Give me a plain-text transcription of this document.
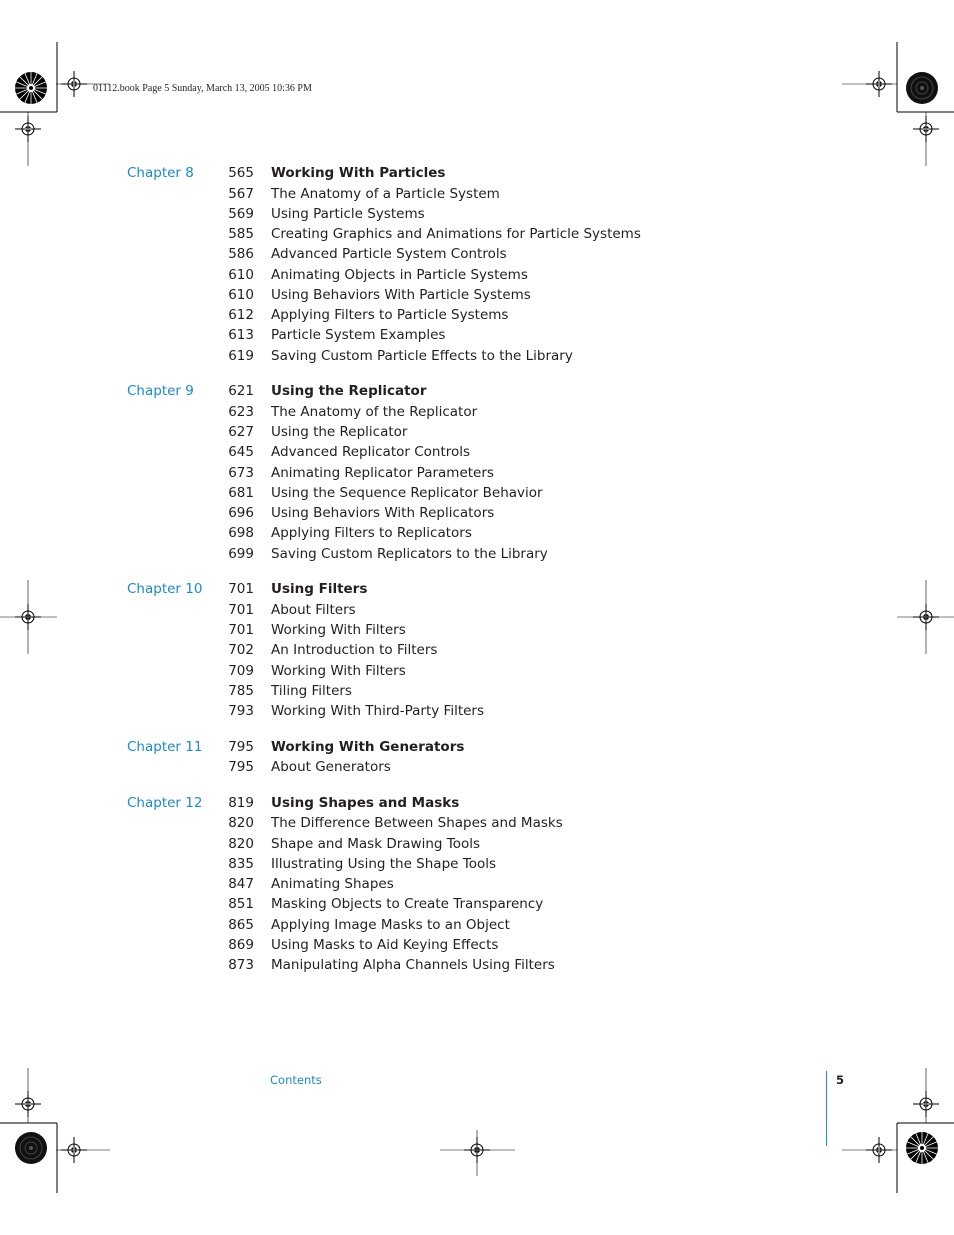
01112.book Page 5 Sunday, March 13, 2005 10:36 PM
Chapter 8	565 Working With Particles
567 The Anatomy of a Particle System
569 Using Particle Systems
585 Creating Graphics and Animations for Particle Systems
586 Advanced Particle System Controls
610 Animating Objects in Particle Systems
610 Using Behaviors With Particle Systems
612 Applying Filters to Particle Systems
613 Particle System Examples
619 Saving Custom Particle Effects to the Library
Chapter 9	621 Using the Replicator
623 The Anatomy of the Replicator
627 Using the Replicator
645 Advanced Replicator Controls
673 Animating Replicator Parameters
681 Using the Sequence Replicator Behavior
696 Using Behaviors With Replicators
698 Applying Filters to Replicators
699 Saving Custom Replicators to the Library
Chapter 10	701 Using Filters
701 About Filters
701 Working With Filters
702 An Introduction to Filters
709 Working With Filters
785 Tiling Filters
793 Working With Third-Party Filters
Chapter 11	795 Working With Generators
795 About Generators
Chapter 12	819 Using Shapes and Masks
820 The Difference Between Shapes and Masks
820 Shape and Mask Drawing Tools
835 Illustrating Using the Shape Tools
847 Animating Shapes
851 Masking Objects to Create Transparency
865 Applying Image Masks to an Object
869 Using Masks to Aid Keying Effects
873 Manipulating Alpha Channels Using Filters
Contents	5
